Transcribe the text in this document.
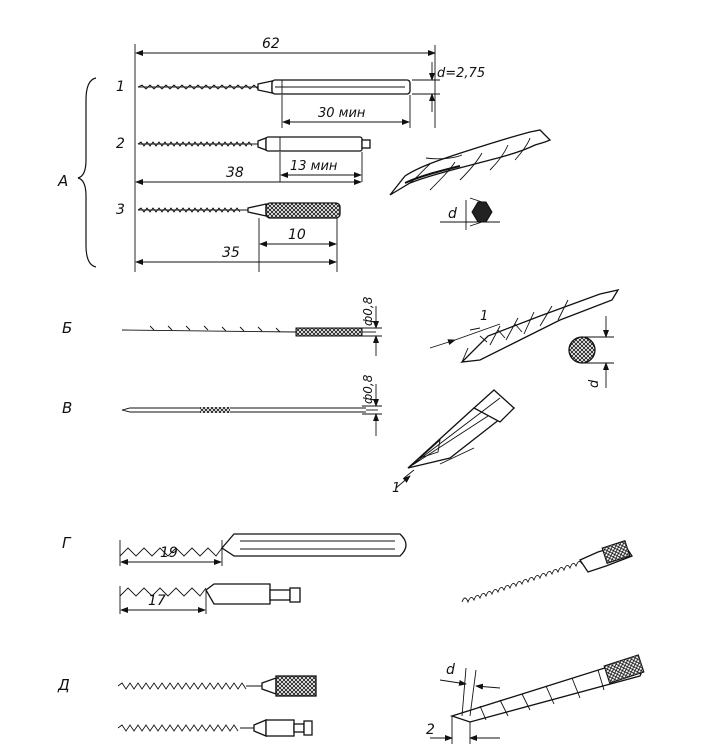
А
62
1
d=2,75
30 мин
2
13 мин
38
3
10
35
d
Б
ф0,8	1
d
В
ф0,8
1
Г
19
17
Д
d
2
